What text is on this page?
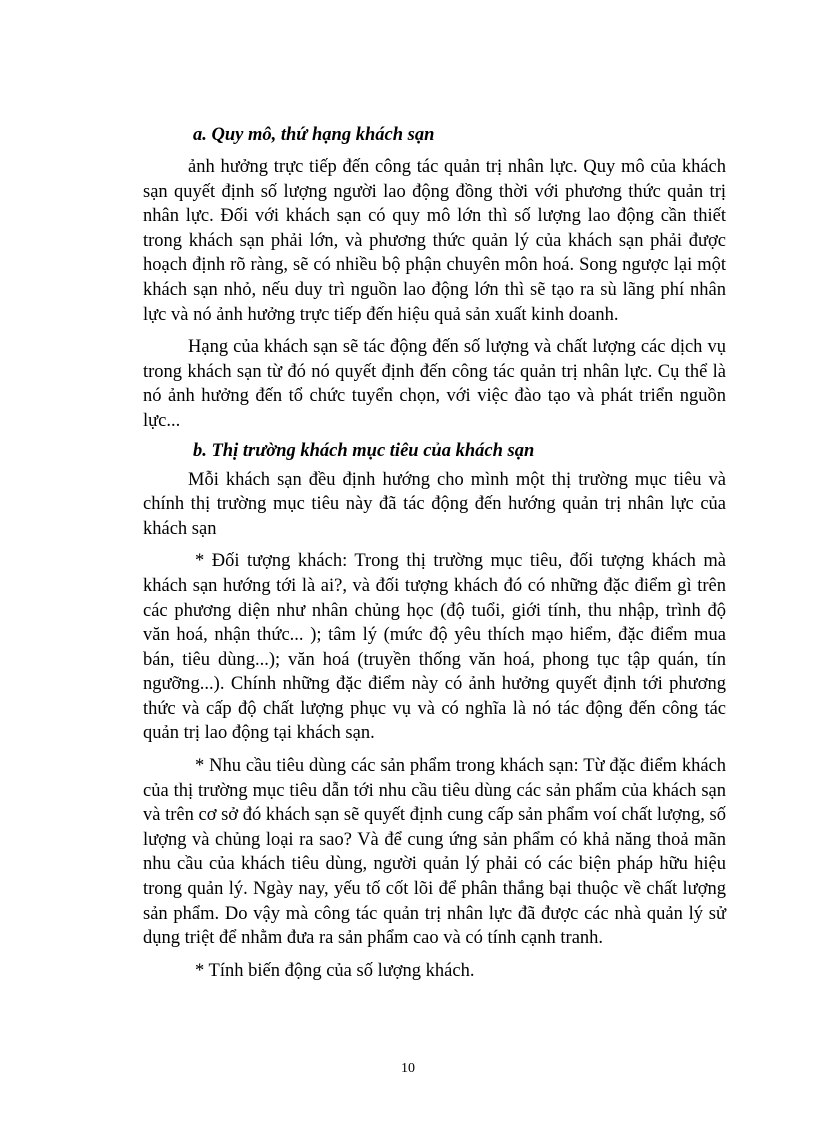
a. Quy mô, thứ hạng khách sạn

ảnh hưởng trực tiếp đến công tác quản trị nhân lực. Quy mô của khách sạn quyết định số lượng người lao động đồng thời với phương thức quản trị nhân lực. Đối với khách sạn có quy mô lớn thì số lượng lao động cần thiết trong khách sạn phải lớn, và phương thức quản lý của khách sạn phải được hoạch định rõ ràng, sẽ có nhiều bộ phận chuyên môn hoá. Song ngược lại một khách sạn nhỏ, nếu duy trì nguồn lao động lớn thì sẽ tạo ra sù lãng phí nhân lực và nó ảnh hưởng trực tiếp đến hiệu quả sản xuất kinh doanh.

Hạng của khách sạn sẽ tác động đến số lượng và chất lượng các dịch vụ trong khách sạn từ đó nó quyết định đến công tác quản trị nhân lực. Cụ thể là nó ảnh hưởng đến tổ chức tuyển chọn, với việc đào tạo và phát triển nguồn lực...

b. Thị trường khách mục tiêu của khách sạn

Mỗi khách sạn đều định hướng cho mình một thị trường mục tiêu và chính thị trường mục tiêu này đã tác động đến hướng quản trị nhân lực của khách sạn

* Đối tượng khách: Trong thị trường mục tiêu, đối tượng khách mà khách sạn hướng tới là ai?, và đối tượng khách đó có những đặc điểm gì trên các phương diện như nhân chủng học (độ tuổi, giới tính, thu nhập, trình độ văn hoá, nhận thức... ); tâm lý (mức độ yêu thích mạo hiểm, đặc điểm mua bán, tiêu dùng...); văn hoá (truyền thống văn hoá, phong tục tập quán, tín ngưỡng...). Chính những đặc điểm này có ảnh hưởng quyết định tới phương thức và cấp độ chất lượng phục vụ và có nghĩa là nó tác động đến công tác quản trị lao động tại khách sạn.

* Nhu cầu tiêu dùng các sản phẩm trong khách sạn: Từ đặc điểm khách của thị trường mục tiêu dẫn tới nhu cầu tiêu dùng các sản phẩm của khách sạn và trên cơ sở đó khách sạn sẽ quyết định cung cấp sản phẩm voí chất lượng, số lượng và chủng loại ra sao? Và để cung ứng sản phẩm có khả năng thoả mãn nhu cầu của khách tiêu dùng, người quản lý phải có các biện pháp hữu hiệu trong quản lý. Ngày nay, yếu tố cốt lõi để phân thắng bại thuộc về chất lượng sản phẩm. Do vậy mà công tác quản trị nhân lực đã được các nhà quản lý sử dụng triệt để nhằm đưa ra sản phẩm cao và có tính cạnh tranh.

* Tính biến động của số lượng khách.

10
